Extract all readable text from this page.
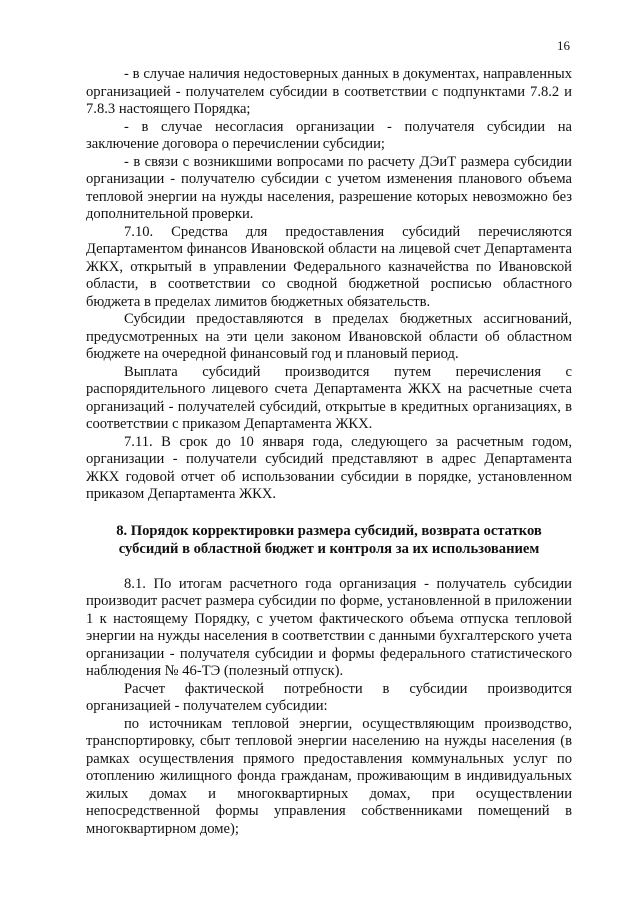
16

- в случае наличия недостоверных данных в документах, направленных организацией - получателем субсидии в соответствии с подпунктами 7.8.2 и 7.8.3 настоящего Порядка;

- в случае несогласия организации - получателя субсидии на заключение договора о перечислении субсидии;

- в связи с возникшими вопросами по расчету ДЭиТ размера субсидии организации - получателю субсидии с учетом изменения планового объема тепловой энергии на нужды населения, разрешение которых невозможно без дополнительной проверки.

7.10. Средства для предоставления субсидий перечисляются Департаментом финансов Ивановской области на лицевой счет Департамента ЖКХ, открытый в управлении Федерального казначейства по Ивановской области, в соответствии со сводной бюджетной росписью областного бюджета в пределах лимитов бюджетных обязательств.

Субсидии предоставляются в пределах бюджетных ассигнований, предусмотренных на эти цели законом Ивановской области об областном бюджете на очередной финансовый год и плановый период.

Выплата субсидий производится путем перечисления с распорядительного лицевого счета Департамента ЖКХ на расчетные счета организаций - получателей субсидий, открытые в кредитных организациях, в соответствии с приказом Департамента ЖКХ.

7.11. В срок до 10 января года, следующего за расчетным годом, организации - получатели субсидий представляют в адрес Департамента ЖКХ годовой отчет об использовании субсидии в порядке, установленном приказом Департамента ЖКХ.

8. Порядок корректировки размера субсидий, возврата остатков
субсидий в областной бюджет и контроля за их использованием

8.1. По итогам расчетного года организация - получатель субсидии производит расчет размера субсидии по форме, установленной в приложении 1 к настоящему Порядку, с учетом фактического объема отпуска тепловой энергии на нужды населения в соответствии с данными бухгалтерского учета организации - получателя субсидии и формы федерального статистического наблюдения № 46-ТЭ (полезный отпуск).

Расчет фактической потребности в субсидии производится организацией - получателем субсидии:

по источникам тепловой энергии, осуществляющим производство, транспортировку, сбыт тепловой энергии населению на нужды населения (в рамках осуществления прямого предоставления коммунальных услуг по отоплению жилищного фонда гражданам, проживающим в индивидуальных жилых домах и многоквартирных домах, при осуществлении непосредственной формы управления собственниками помещений в многоквартирном доме);
